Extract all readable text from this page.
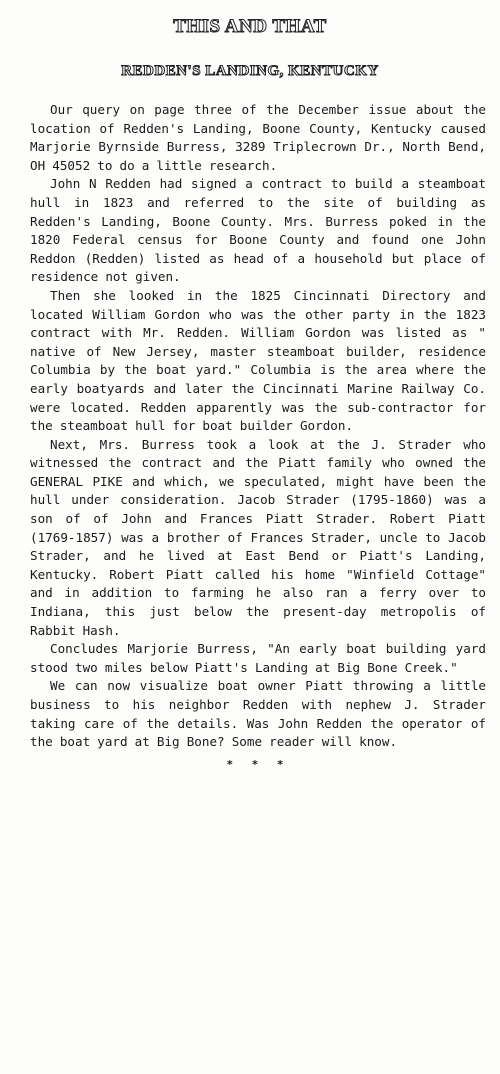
THIS AND THAT
REDDEN'S LANDING, KENTUCKY

Our query on page three of the December issue about the location of Redden's Landing, Boone County, Kentucky caused Marjorie Byrnside Burress, 3289 Triplecrown Dr., North Bend, OH 45052 to do a little research.

John N Redden had signed a contract to build a steamboat hull in 1823 and referred to the site of building as Redden's Landing, Boone County. Mrs. Burress poked in the 1820 Federal census for Boone County and found one John Reddon (Redden) listed as head of a household but place of residence not given.

Then she looked in the 1825 Cincinnati Directory and located William Gordon who was the other party in the 1823 contract with Mr. Redden. William Gordon was listed as " native of New Jersey, master steamboat builder, residence Columbia by the boat yard." Columbia is the area where the early boatyards and later the Cincinnati Marine Railway Co. were located. Redden apparently was the sub-contractor for the steamboat hull for boat builder Gordon.

Next, Mrs. Burress took a look at the J. Strader who witnessed the contract and the Piatt family who owned the GENERAL PIKE and which, we speculated, might have been the hull under consideration. Jacob Strader (1795-1860) was a son of of John and Frances Piatt Strader. Robert Piatt (1769-1857) was a brother of Frances Strader, uncle to Jacob Strader, and he lived at East Bend or Piatt's Landing, Kentucky. Robert Piatt called his home "Winfield Cottage" and in addition to farming he also ran a ferry over to Indiana, this just below the present-day metropolis of Rabbit Hash.

Concludes Marjorie Burress, "An early boat building yard stood two miles below Piatt's Landing at Big Bone Creek."

We can now visualize boat owner Piatt throwing a little business to his neighbor Redden with nephew J. Strader taking care of the details. Was John Redden the operator of the boat yard at Big Bone? Some reader will know.

* * *
